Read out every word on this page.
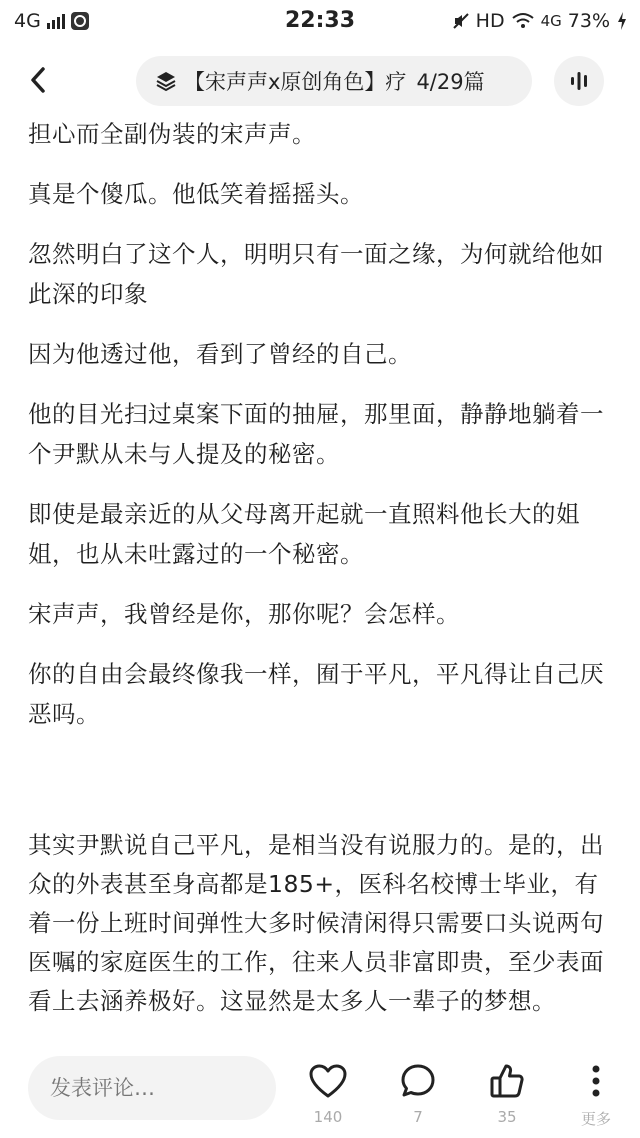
4G	22:33	HD 4G 73%
【宋声声x原创角色】疗 4/29篇

担心而全副伪装的宋声声。

真是个傻瓜。他低笑着摇摇头。

忽然明白了这个人，明明只有一面之缘，为何就给他如此深的印象

因为他透过他，看到了曾经的自己。

他的目光扫过桌案下面的抽屉，那里面，静静地躺着一个尹默从未与人提及的秘密。

即使是最亲近的从父母离开起就一直照料他长大的姐姐，也从未吐露过的一个秘密。

宋声声，我曾经是你，那你呢？会怎样。

你的自由会最终像我一样，囿于平凡，平凡得让自己厌恶吗。

其实尹默说自己平凡，是相当没有说服力的。是的，出众的外表甚至身高都是185+，医科名校博士毕业，有着一份上班时间弹性大多时候清闲得只需要口头说两句医嘱的家庭医生的工作，往来人员非富即贵，至少表面看上去涵养极好。这显然是太多人一辈子的梦想。

发表评论…
140	7	35	更多
